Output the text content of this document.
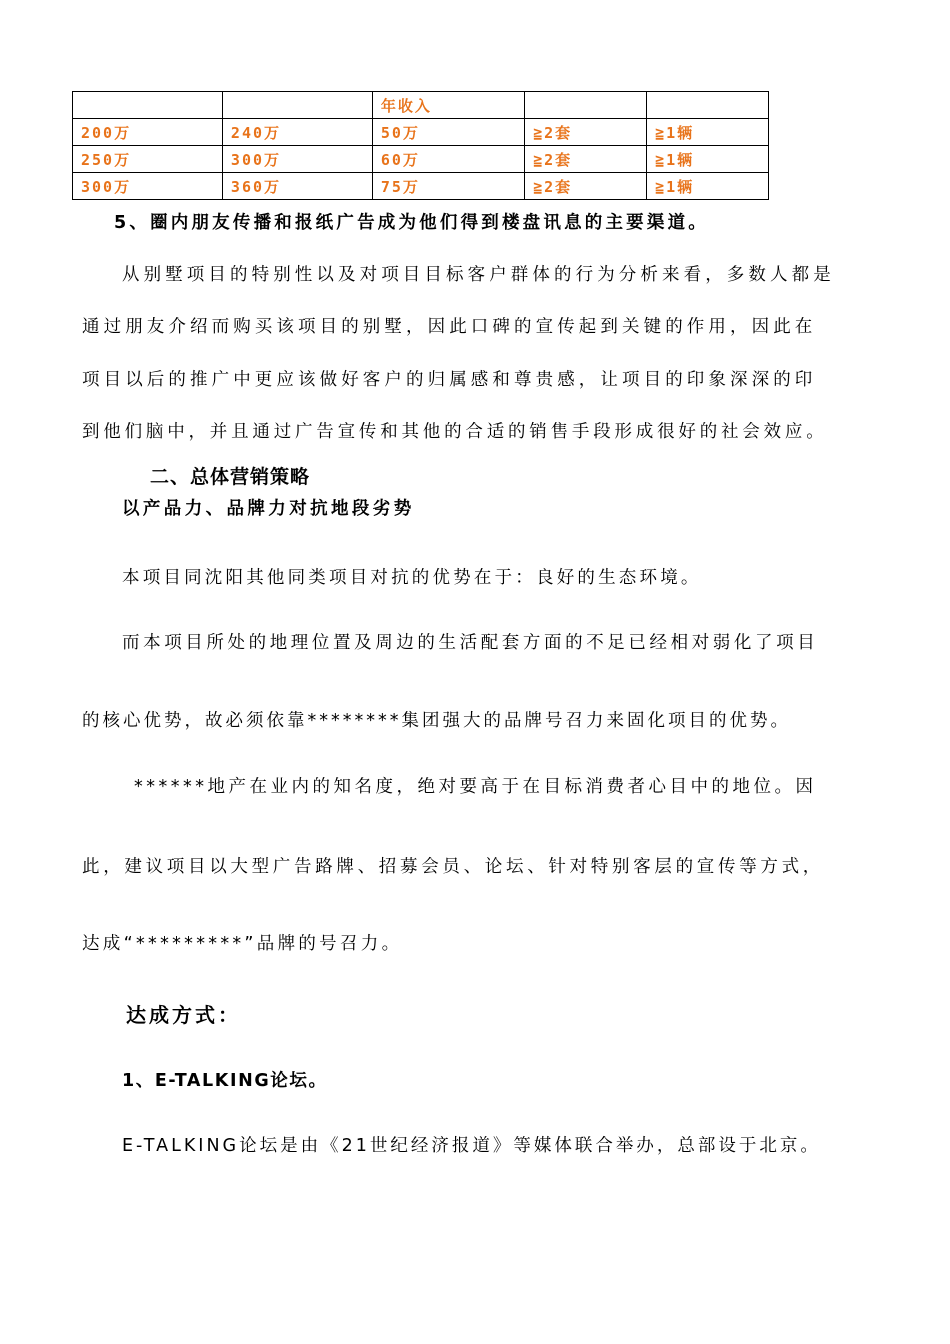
		年收入		
200万	240万	50万	≧2套	≧1辆
250万	300万	60万	≧2套	≧1辆
300万	360万	75万	≧2套	≧1辆
5、圈内朋友传播和报纸广告成为他们得到楼盘讯息的主要渠道。
从别墅项目的特别性以及对项目目标客户群体的行为分析来看，多数人都是
通过朋友介绍而购买该项目的别墅，因此口碑的宣传起到关键的作用，因此在
项目以后的推广中更应该做好客户的归属感和尊贵感，让项目的印象深深的印
到他们脑中，并且通过广告宣传和其他的合适的销售手段形成很好的社会效应。
二、总体营销策略
以产品力、品牌力对抗地段劣势
本项目同沈阳其他同类项目对抗的优势在于：良好的生态环境。
而本项目所处的地理位置及周边的生活配套方面的不足已经相对弱化了项目
的核心优势，故必须依靠********集团强大的品牌号召力来固化项目的优势。
******地产在业内的知名度，绝对要高于在目标消费者心目中的地位。因
此，建议项目以大型广告路牌、招募会员、论坛、针对特别客层的宣传等方式，
达成“*********”品牌的号召力。
达成方式：
1、E-TALKING论坛。
E-TALKING论坛是由《21世纪经济报道》等媒体联合举办，总部设于北京。
